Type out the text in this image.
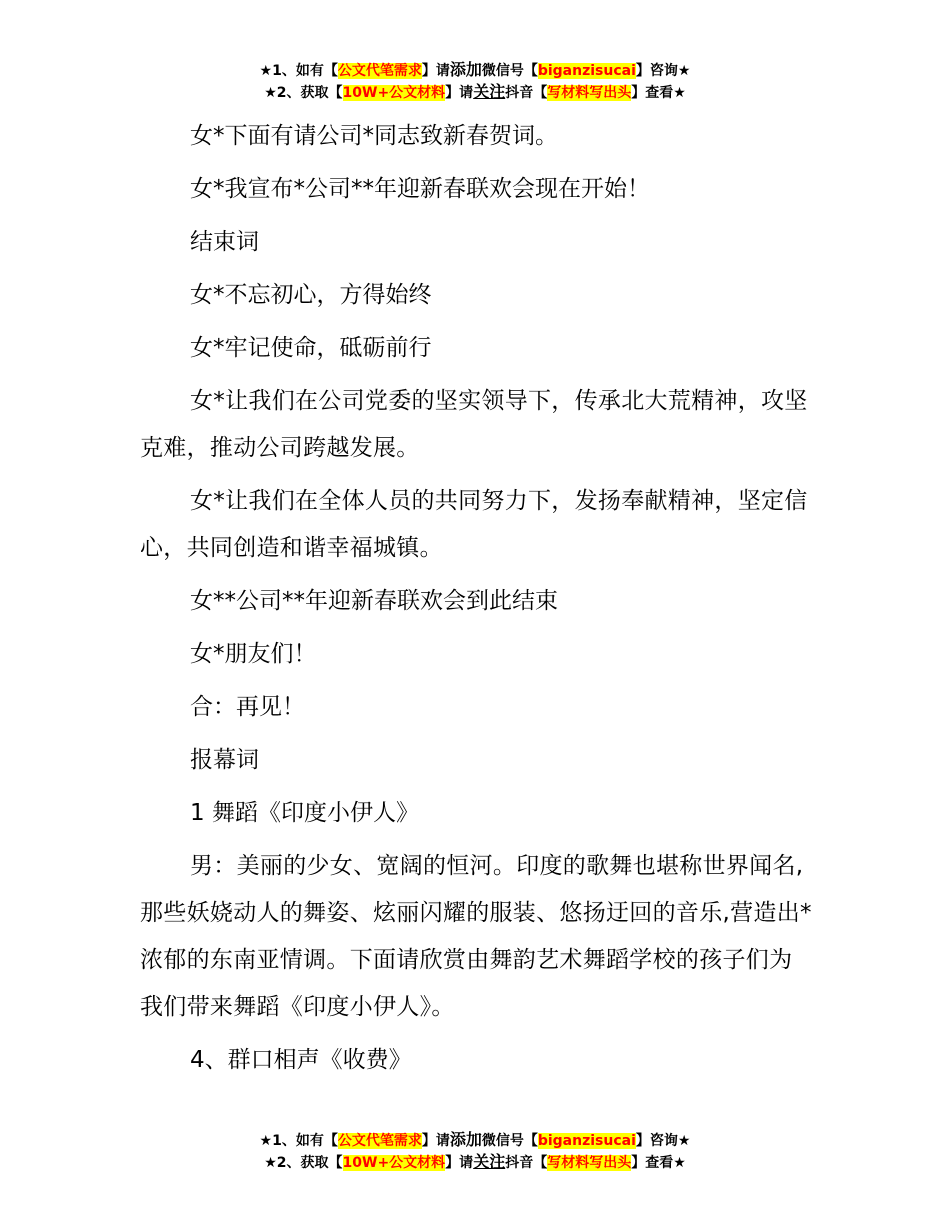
★1、如有【公文代笔需求】请添加微信号【biganzisucai】咨询★
★2、获取【10W+公文材料】请关注抖音【写材料写出头】查看★

女*下面有请公司*同志致新春贺词。

女*我宣布*公司**年迎新春联欢会现在开始！

结束词

女*不忘初心，方得始终

女*牢记使命，砥砺前行

女*让我们在公司党委的坚实领导下，传承北大荒精神，攻坚克难，推动公司跨越发展。

女*让我们在全体人员的共同努力下，发扬奉献精神，坚定信心，共同创造和谐幸福城镇。

女**公司**年迎新春联欢会到此结束

女*朋友们！

合：再见！

报幕词

1 舞蹈《印度小伊人》

男：美丽的少女、宽阔的恒河。印度的歌舞也堪称世界闻名,那些妖娆动人的舞姿、炫丽闪耀的服装、悠扬迂回的音乐,营造出*浓郁的东南亚情调。下面请欣赏由舞韵艺术舞蹈学校的孩子们为我们带来舞蹈《印度小伊人》。

4、群口相声《收费》

★1、如有【公文代笔需求】请添加微信号【biganzisucai】咨询★
★2、获取【10W+公文材料】请关注抖音【写材料写出头】查看★
